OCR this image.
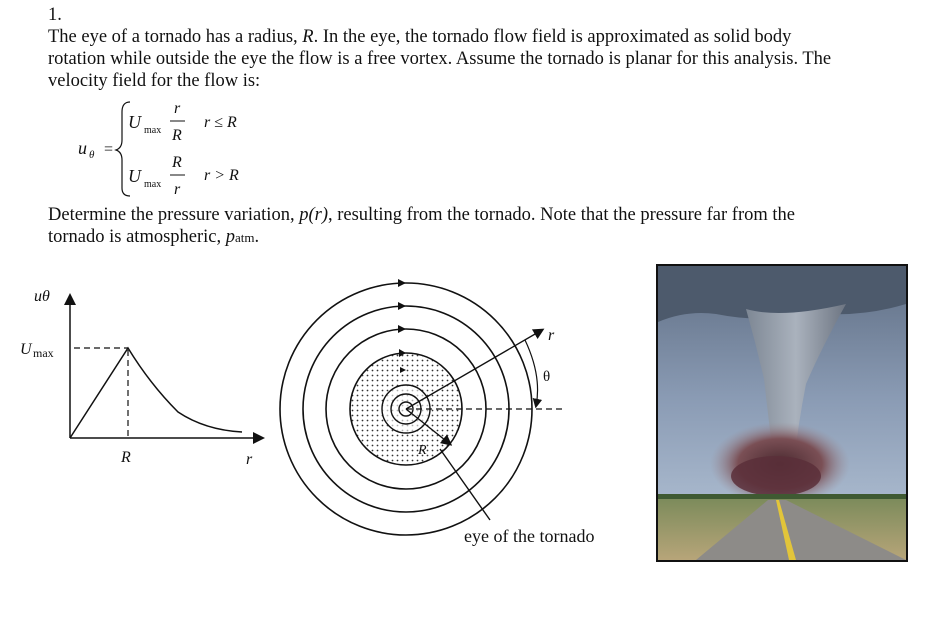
1.
The eye of a tornado has a radius, R. In the eye, the tornado flow field is approximated as solid body
rotation while outside the eye the flow is a free vortex. Assume the tornado is planar for this analysis. The
velocity field for the flow is:
u θ =
U max
r
R
r ≤ R
U max
R
r
r > R
Determine the pressure variation, p(r), resulting from the tornado. Note that the pressure far from the
tornado is atmospheric, patm.
uθ
U max
R	r
r
θ
R
eye of the tornado
